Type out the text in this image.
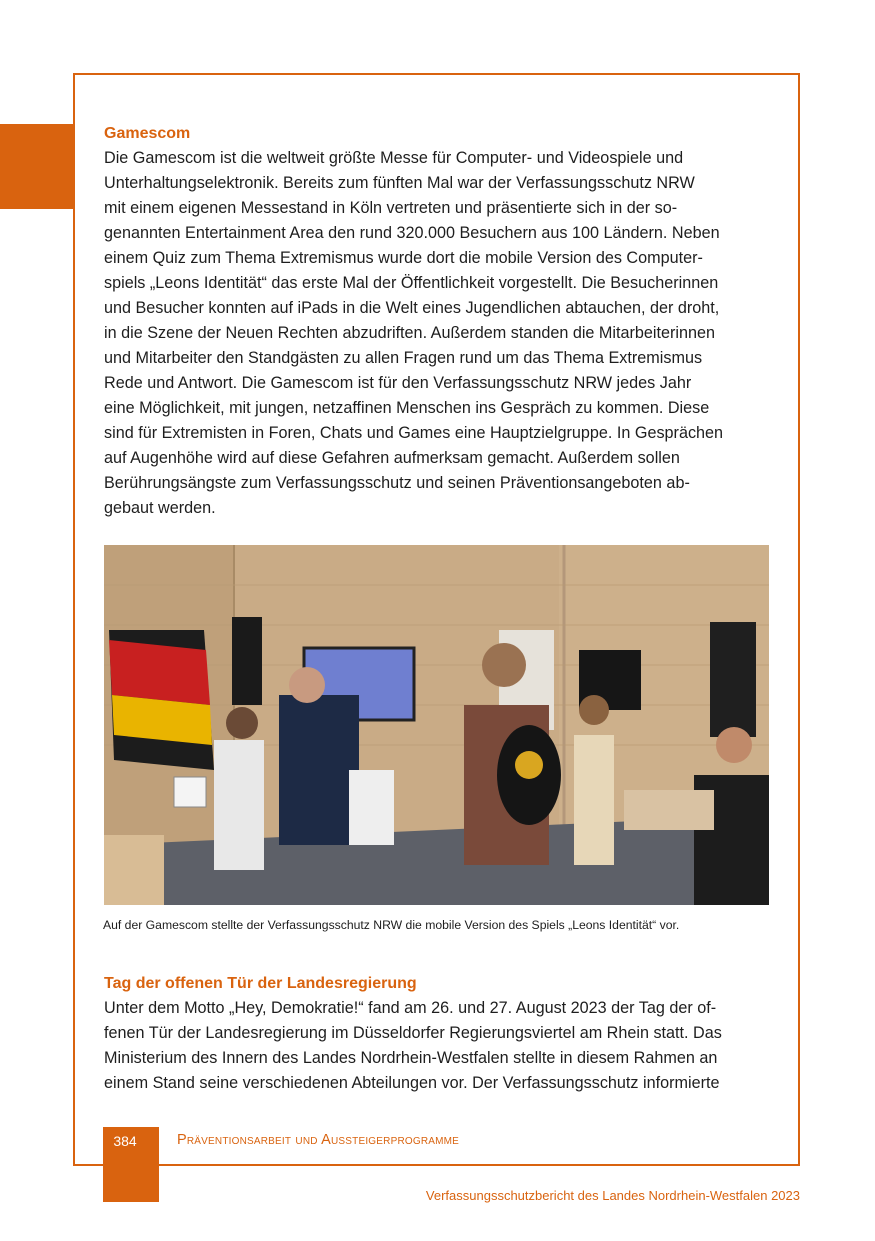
Gamescom
Die Gamescom ist die weltweit größte Messe für Computer- und Videospiele und
Unterhaltungselektronik. Bereits zum fünften Mal war der Verfassungsschutz NRW
mit einem eigenen Messestand in Köln vertreten und präsentierte sich in der so-
genannten Entertainment Area den rund 320.000 Besuchern aus 100 Ländern. Neben
einem Quiz zum Thema Extremismus wurde dort die mobile Version des Computer-
spiels „Leons Identität“ das erste Mal der Öffentlichkeit vorgestellt. Die Besucherinnen
und Besucher konnten auf iPads in die Welt eines Jugendlichen abtauchen, der droht,
in die Szene der Neuen Rechten abzudriften. Außerdem standen die Mitarbeiterinnen
und Mitarbeiter den Standgästen zu allen Fragen rund um das Thema Extremismus
Rede und Antwort. Die Gamescom ist für den Verfassungsschutz NRW jedes Jahr
eine Möglichkeit, mit jungen, netzaffinen Menschen ins Gespräch zu kommen. Diese
sind für Extremisten in Foren, Chats und Games eine Hauptzielgruppe. In Gesprächen
auf Augenhöhe wird auf diese Gefahren aufmerksam gemacht. Außerdem sollen
Berührungsängste zum Verfassungsschutz und seinen Präventionsangeboten ab-
gebaut werden.
Auf der Gamescom stellte der Verfassungsschutz NRW die mobile Version des Spiels „Leons Identität“ vor.
Tag der offenen Tür der Landesregierung
Unter dem Motto „Hey, Demokratie!“ fand am 26. und 27. August 2023 der Tag der of-
fenen Tür der Landesregierung im Düsseldorfer Regierungsviertel am Rhein statt. Das
Ministerium des Innern des Landes Nordrhein-Westfalen stellte in diesem Rahmen an
einem Stand seine verschiedenen Abteilungen vor. Der Verfassungsschutz informierte
384	Präventionsarbeit und Aussteigerprogramme
Verfassungsschutzbericht des Landes Nordrhein-Westfalen 2023
